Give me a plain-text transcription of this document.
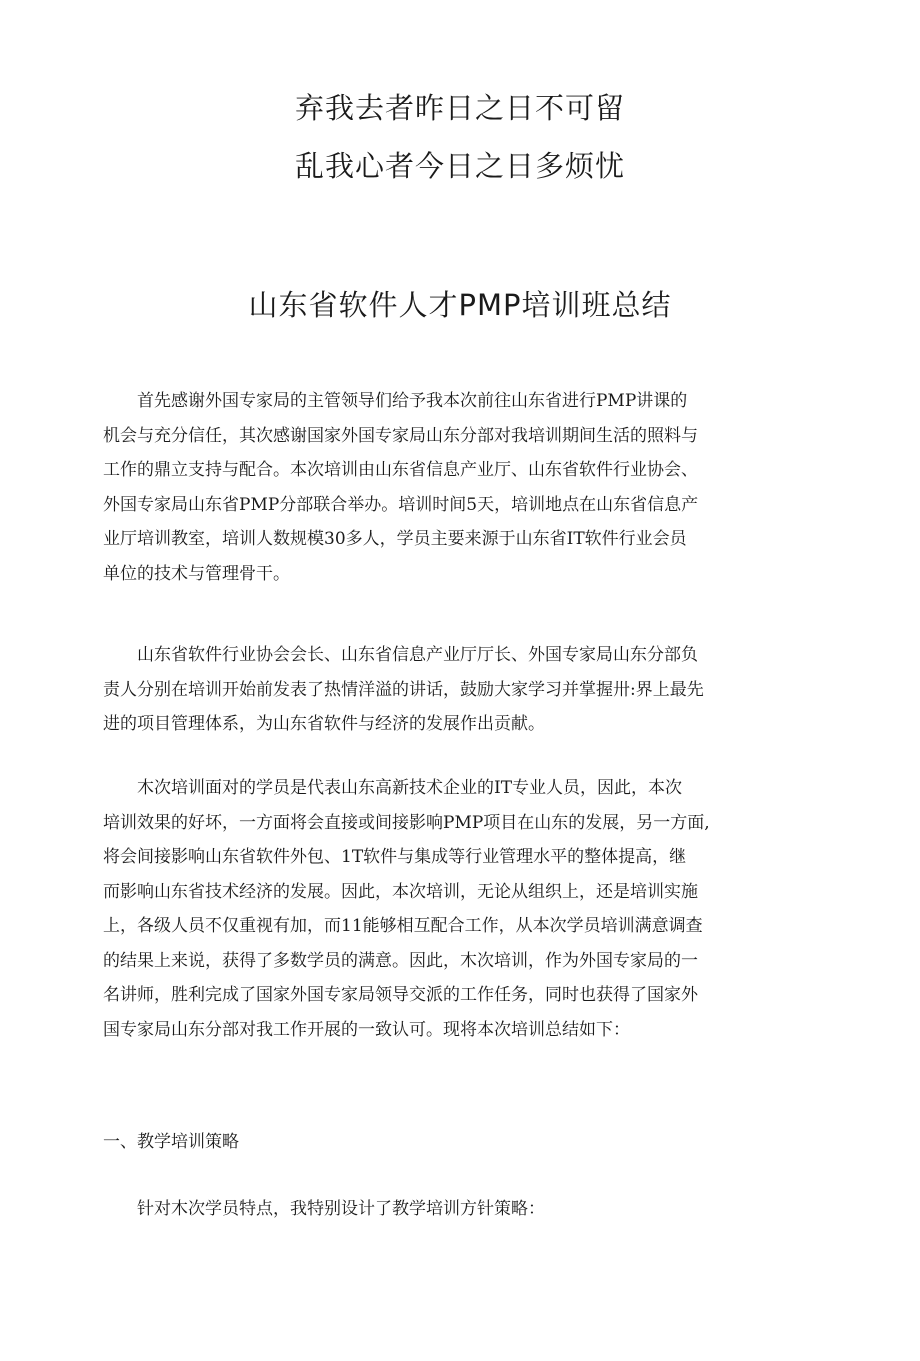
弃我去者昨日之日不可留
乱我心者今日之日多烦忧
山东省软件人才PMP培训班总结

　　首先感谢外国专家局的主管领导们给予我本次前往山东省进行PMP讲课的
机会与充分信任，其次感谢国家外国专家局山东分部对我培训期间生活的照料与
工作的鼎立支持与配合。本次培训由山东省信息产业厅、山东省软件行业协会、
外国专家局山东省PMP分部联合举办。培训时间5天，培训地点在山东省信息产
业厅培训教室，培训人数规模30多人，学员主要来源于山东省IT软件行业会员
单位的技术与管理骨干。

　　山东省软件行业协会会长、山东省信息产业厅厅长、外国专家局山东分部负
责人分别在培训开始前发表了热情洋溢的讲话，鼓励大家学习并掌握卅:界上最先
进的项目管理体系，为山东省软件与经济的发展作出贡献。

　　木次培训面对的学员是代表山东高新技术企业的IT专业人员，因此，本次
培训效果的好坏，一方面将会直接或间接影响PMP项目在山东的发展，另一方面,
将会间接影响山东省软件外包、1T软件与集成等行业管理水平的整体提高，继
而影响山东省技术经济的发展。因此，本次培训，无论从组织上，还是培训实施
上，各级人员不仅重视有加，而11能够相互配合工作，从本次学员培训满意调查
的结果上来说，获得了多数学员的满意。因此，木次培训，作为外国专家局的一
名讲师，胜利完成了国家外国专家局领导交派的工作任务，同时也获得了国家外
国专家局山东分部对我工作开展的一致认可。现将本次培训总结如下：

一、教学培训策略

　　针对木次学员特点，我特别设计了教学培训方针策略：
